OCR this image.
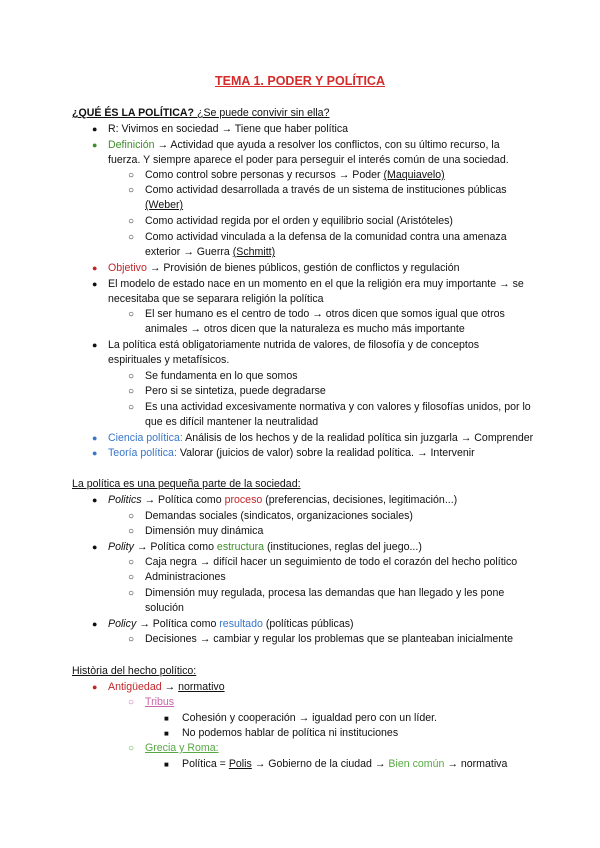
TEMA 1. PODER Y POLÍTICA
¿QUÉ ÉS LA POLÍTICA? ¿Se puede convivir sin ella?
● R: Vivimos en sociedad → Tiene que haber política
● Definición → Actividad que ayuda a resolver los conflictos, con su último recurso, la
fuerza. Y siempre aparece el poder para perseguir el interés común de una sociedad.
○ Como control sobre personas y recursos → Poder (Maquiavelo)
○ Como actividad desarrollada a través de un sistema de instituciones públicas
(Weber)
○ Como actividad regida por el orden y equilibrio social (Aristóteles)
○ Como actividad vinculada a la defensa de la comunidad contra una amenaza
exterior → Guerra (Schmitt)
● Objetivo → Provisión de bienes públicos, gestión de conflictos y regulación
● El modelo de estado nace en un momento en el que la religión era muy importante → se
necesitaba que se separara religión la política
○ El ser humano es el centro de todo → otros dicen que somos igual que otros
animales → otros dicen que la naturaleza es mucho más importante
● La política está obligatoriamente nutrida de valores, de filosofía y de conceptos
espirituales y metafísicos.
○ Se fundamenta en lo que somos
○ Pero si se sintetiza, puede degradarse
○ Es una actividad excesivamente normativa y con valores y filosofías unidos, por lo
que es difícil mantener la neutralidad
● Ciencia política: Análisis de los hechos y de la realidad política sin juzgarla → Comprender
● Teoría política: Valorar (juicios de valor) sobre la realidad política. → Intervenir
La política es una pequeña parte de la sociedad:
● Politics → Política como proceso (preferencias, decisiones, legitimación...)
○ Demandas sociales (sindicatos, organizaciones sociales)
○ Dimensión muy dinámica
● Polity → Política como estructura (instituciones, reglas del juego...)
○ Caja negra → difícil hacer un seguimiento de todo el corazón del hecho político
○ Administraciones
○ Dimensión muy regulada, procesa las demandas que han llegado y les pone
solución
● Policy → Política como resultado (políticas públicas)
○ Decisiones → cambiar y regular los problemas que se planteaban inicialmente
Història del hecho político:
● Antigüedad → normativo
○ Tribus
■ Cohesión y cooperación → igualdad pero con un líder.
■ No podemos hablar de política ni instituciones
○ Grecia y Roma:
■ Política = Polis → Gobierno de la ciudad → Bien común → normativa
